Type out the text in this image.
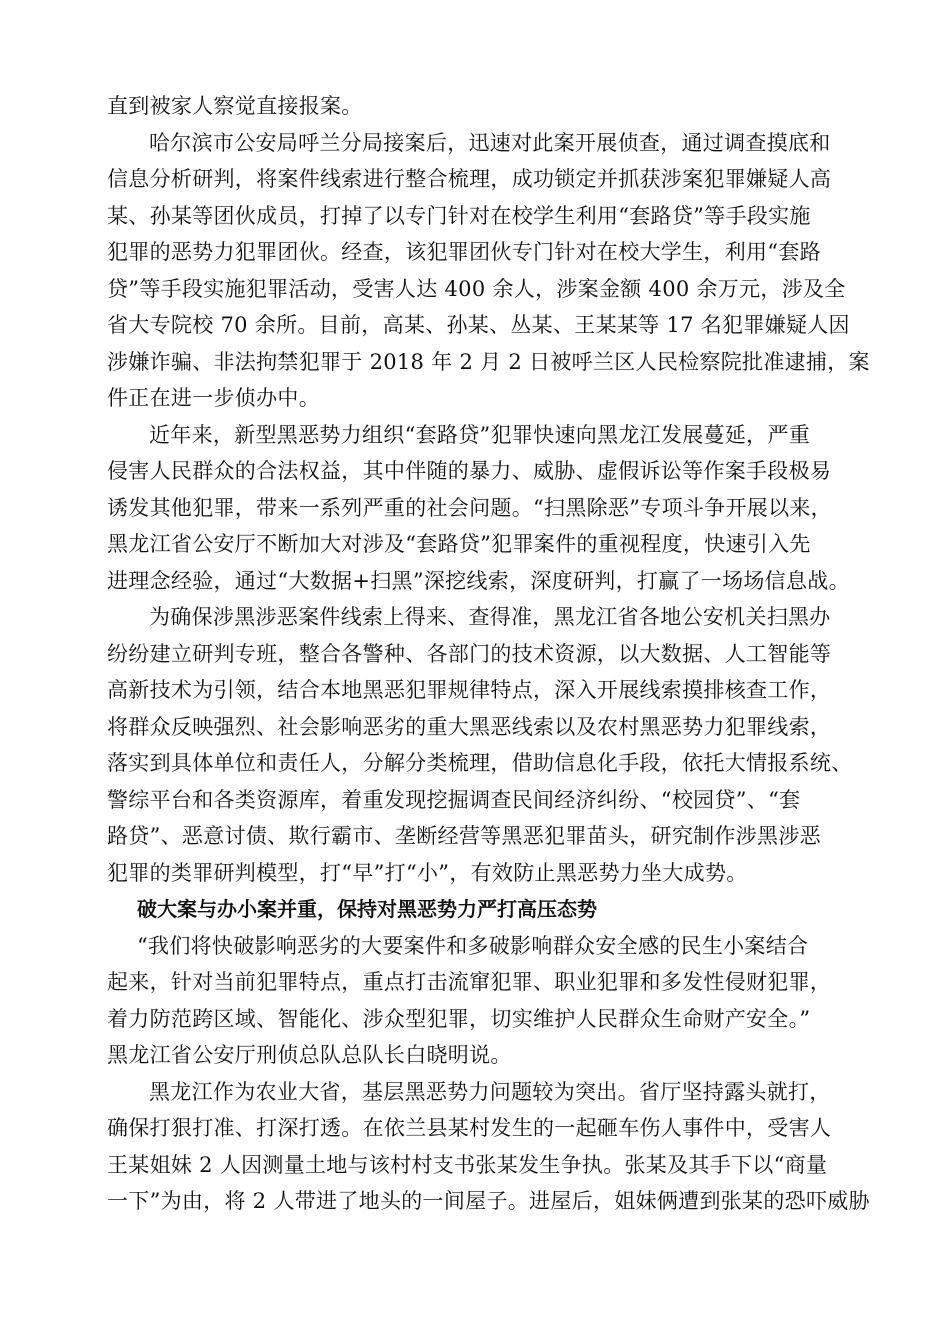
直到被家人察觉直接报案。
哈尔滨市公安局呼兰分局接案后，迅速对此案开展侦查，通过调查摸底和
信息分析研判，将案件线索进行整合梳理，成功锁定并抓获涉案犯罪嫌疑人高
某、孙某等团伙成员，打掉了以专门针对在校学生利用“套路贷”等手段实施
犯罪的恶势力犯罪团伙。经查，该犯罪团伙专门针对在校大学生，利用“套路
贷”等手段实施犯罪活动，受害人达 400 余人，涉案金额 400 余万元，涉及全
省大专院校 70 余所。目前，高某、孙某、丛某、王某某等 17 名犯罪嫌疑人因
涉嫌诈骗、非法拘禁犯罪于 2018 年 2 月 2 日被呼兰区人民检察院批准逮捕，案
件正在进一步侦办中。
近年来，新型黑恶势力组织“套路贷”犯罪快速向黑龙江发展蔓延，严重
侵害人民群众的合法权益，其中伴随的暴力、威胁、虚假诉讼等作案手段极易
诱发其他犯罪，带来一系列严重的社会问题。“扫黑除恶”专项斗争开展以来，
黑龙江省公安厅不断加大对涉及“套路贷”犯罪案件的重视程度，快速引入先
进理念经验，通过“大数据+扫黑”深挖线索，深度研判，打赢了一场场信息战。
为确保涉黑涉恶案件线索上得来、查得准，黑龙江省各地公安机关扫黑办
纷纷建立研判专班，整合各警种、各部门的技术资源，以大数据、人工智能等
高新技术为引领，结合本地黑恶犯罪规律特点，深入开展线索摸排核查工作，
将群众反映强烈、社会影响恶劣的重大黑恶线索以及农村黑恶势力犯罪线索，
落实到具体单位和责任人，分解分类梳理，借助信息化手段，依托大情报系统、
警综平台和各类资源库，着重发现挖掘调查民间经济纠纷、“校园贷”、“套
路贷”、恶意讨债、欺行霸市、垄断经营等黑恶犯罪苗头，研究制作涉黑涉恶
犯罪的类罪研判模型，打“早”打“小”，有效防止黑恶势力坐大成势。
破大案与办小案并重，保持对黑恶势力严打高压态势
“我们将快破影响恶劣的大要案件和多破影响群众安全感的民生小案结合
起来，针对当前犯罪特点，重点打击流窜犯罪、职业犯罪和多发性侵财犯罪，
着力防范跨区域、智能化、涉众型犯罪，切实维护人民群众生命财产安全。”
黑龙江省公安厅刑侦总队总队长白晓明说。
黑龙江作为农业大省，基层黑恶势力问题较为突出。省厅坚持露头就打，
确保打狠打准、打深打透。在依兰县某村发生的一起砸车伤人事件中，受害人
王某姐妹 2 人因测量土地与该村村支书张某发生争执。张某及其手下以“商量
一下”为由，将 2 人带进了地头的一间屋子。进屋后，姐妹俩遭到张某的恐吓威胁
